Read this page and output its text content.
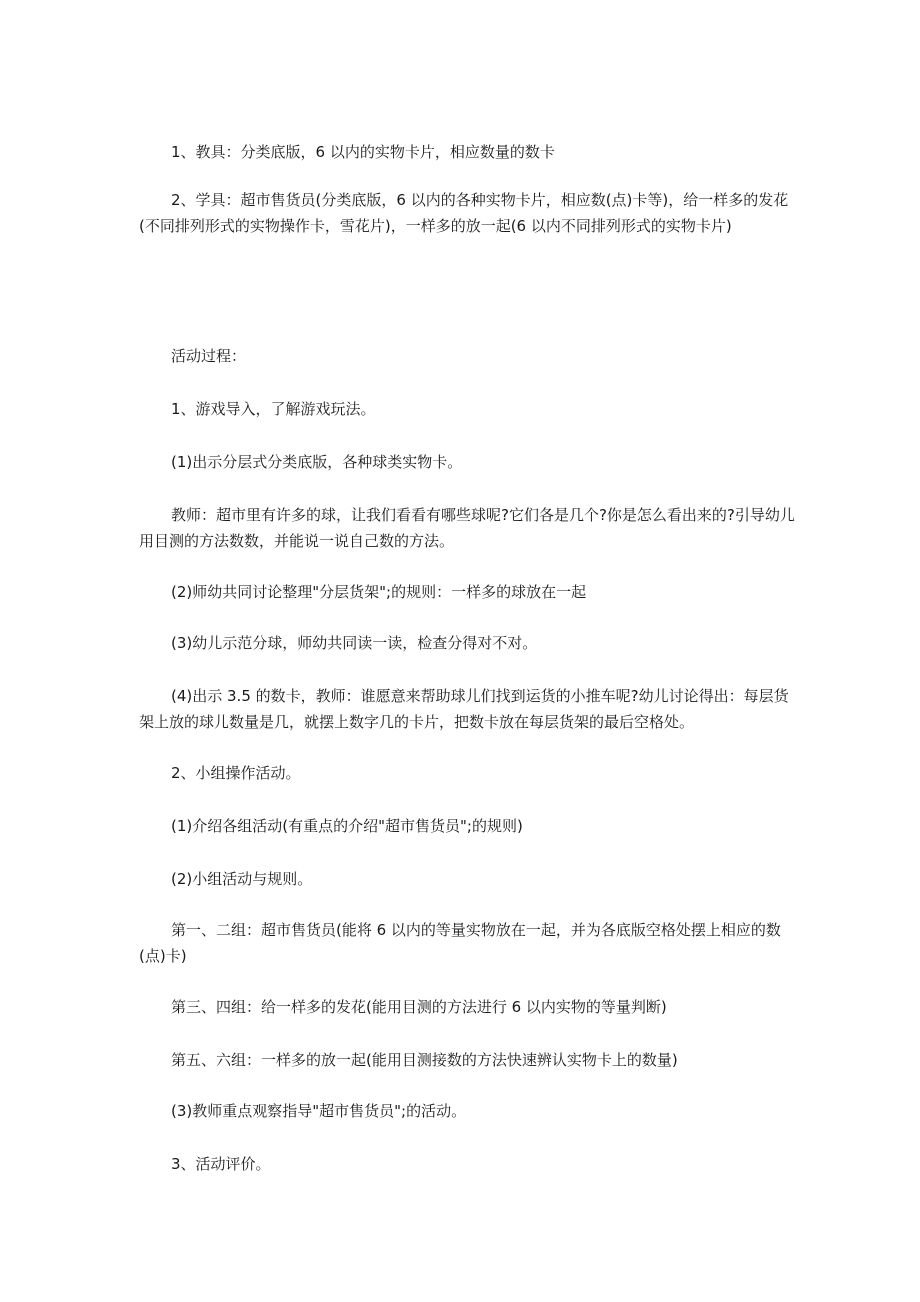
1、教具：分类底版，6 以内的实物卡片，相应数量的数卡

2、学具：超市售货员(分类底版，6 以内的各种实物卡片，相应数(点)卡等)，给一样多的发花(不同排列形式的实物操作卡，雪花片)，一样多的放一起(6 以内不同排列形式的实物卡片)

活动过程：

1、游戏导入，了解游戏玩法。

(1)出示分层式分类底版，各种球类实物卡。

教师：超市里有许多的球，让我们看看有哪些球呢?它们各是几个?你是怎么看出来的?引导幼儿用目测的方法数数，并能说一说自己数的方法。

(2)师幼共同讨论整理"分层货架";的规则：一样多的球放在一起

(3)幼儿示范分球，师幼共同读一读，检查分得对不对。

(4)出示 3.5 的数卡，教师：谁愿意来帮助球儿们找到运货的小推车呢?幼儿讨论得出：每层货架上放的球儿数量是几，就摆上数字几的卡片，把数卡放在每层货架的最后空格处。

2、小组操作活动。

(1)介绍各组活动(有重点的介绍"超市售货员";的规则)

(2)小组活动与规则。

第一、二组：超市售货员(能将 6 以内的等量实物放在一起，并为各底版空格处摆上相应的数(点)卡)

第三、四组：给一样多的发花(能用目测的方法进行 6 以内实物的等量判断)

第五、六组：一样多的放一起(能用目测接数的方法快速辨认实物卡上的数量)

(3)教师重点观察指导"超市售货员";的活动。

3、活动评价。
